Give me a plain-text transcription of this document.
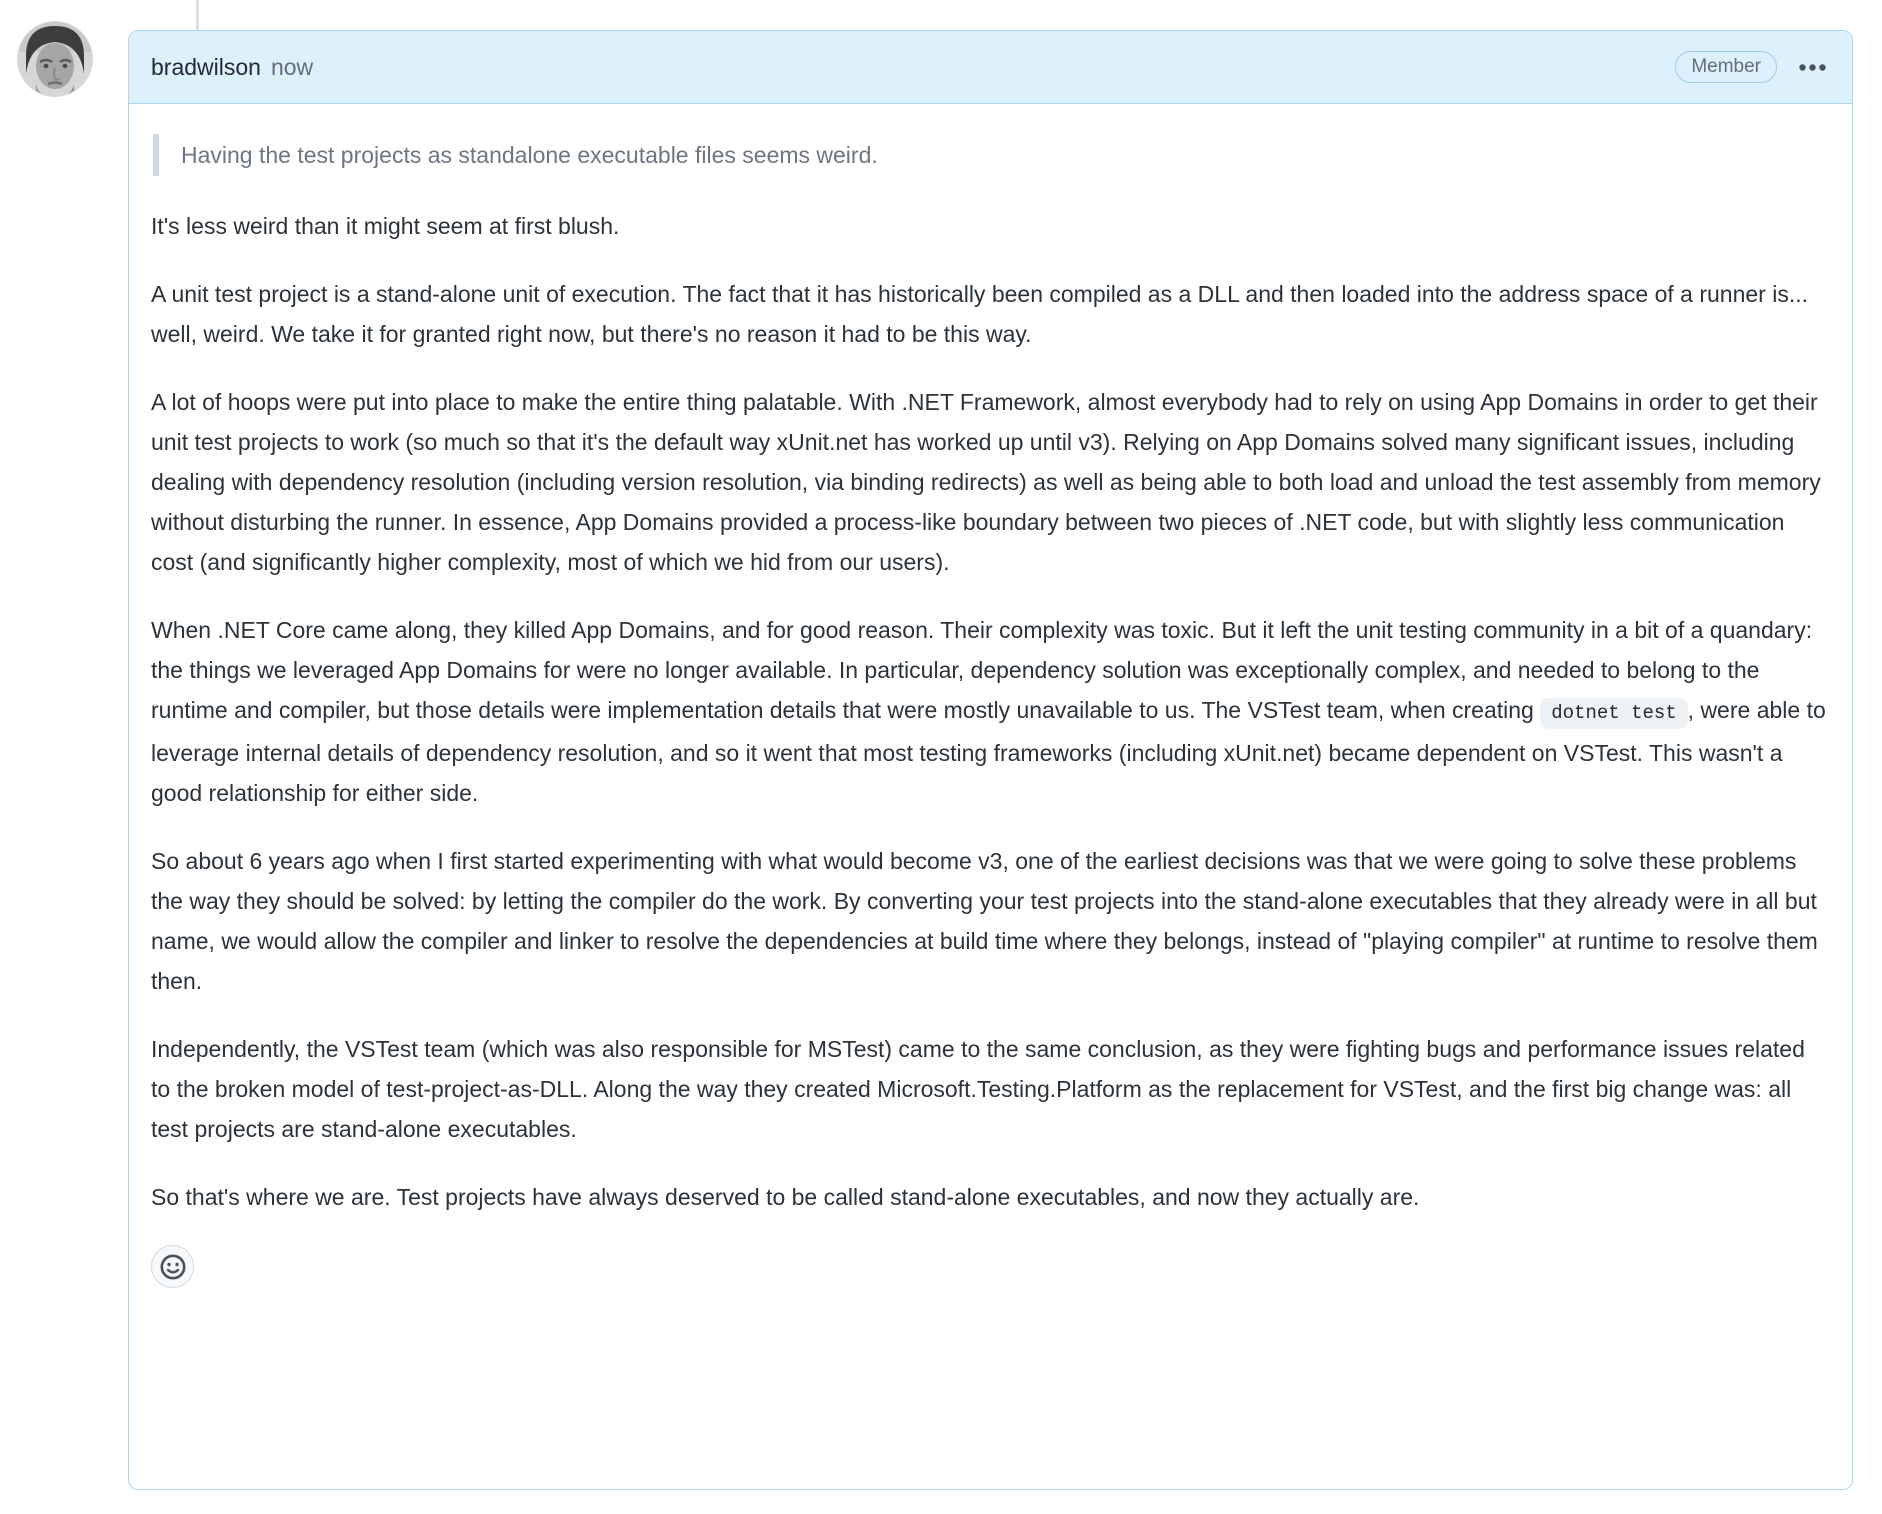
bradwilson now	Member

Having the test projects as standalone executable files seems weird.

It's less weird than it might seem at first blush.

A unit test project is a stand-alone unit of execution. The fact that it has historically been compiled as a DLL and then loaded into the address space of a runner is... well, weird. We take it for granted right now, but there's no reason it had to be this way.

A lot of hoops were put into place to make the entire thing palatable. With .NET Framework, almost everybody had to rely on using App Domains in order to get their unit test projects to work (so much so that it's the default way xUnit.net has worked up until v3). Relying on App Domains solved many significant issues, including dealing with dependency resolution (including version resolution, via binding redirects) as well as being able to both load and unload the test assembly from memory without disturbing the runner. In essence, App Domains provided a process-like boundary between two pieces of .NET code, but with slightly less communication cost (and significantly higher complexity, most of which we hid from our users).

When .NET Core came along, they killed App Domains, and for good reason. Their complexity was toxic. But it left the unit testing community in a bit of a quandary: the things we leveraged App Domains for were no longer available. In particular, dependency solution was exceptionally complex, and needed to belong to the runtime and compiler, but those details were implementation details that were mostly unavailable to us. The VSTest team, when creating dotnet test , were able to leverage internal details of dependency resolution, and so it went that most testing frameworks (including xUnit.net) became dependent on VSTest. This wasn't a good relationship for either side.

So about 6 years ago when I first started experimenting with what would become v3, one of the earliest decisions was that we were going to solve these problems the way they should be solved: by letting the compiler do the work. By converting your test projects into the stand-alone executables that they already were in all but name, we would allow the compiler and linker to resolve the dependencies at build time where they belongs, instead of "playing compiler" at runtime to resolve them then.

Independently, the VSTest team (which was also responsible for MSTest) came to the same conclusion, as they were fighting bugs and performance issues related to the broken model of test-project-as-DLL. Along the way they created Microsoft.Testing.Platform as the replacement for VSTest, and the first big change was: all test projects are stand-alone executables.

So that's where we are. Test projects have always deserved to be called stand-alone executables, and now they actually are.
